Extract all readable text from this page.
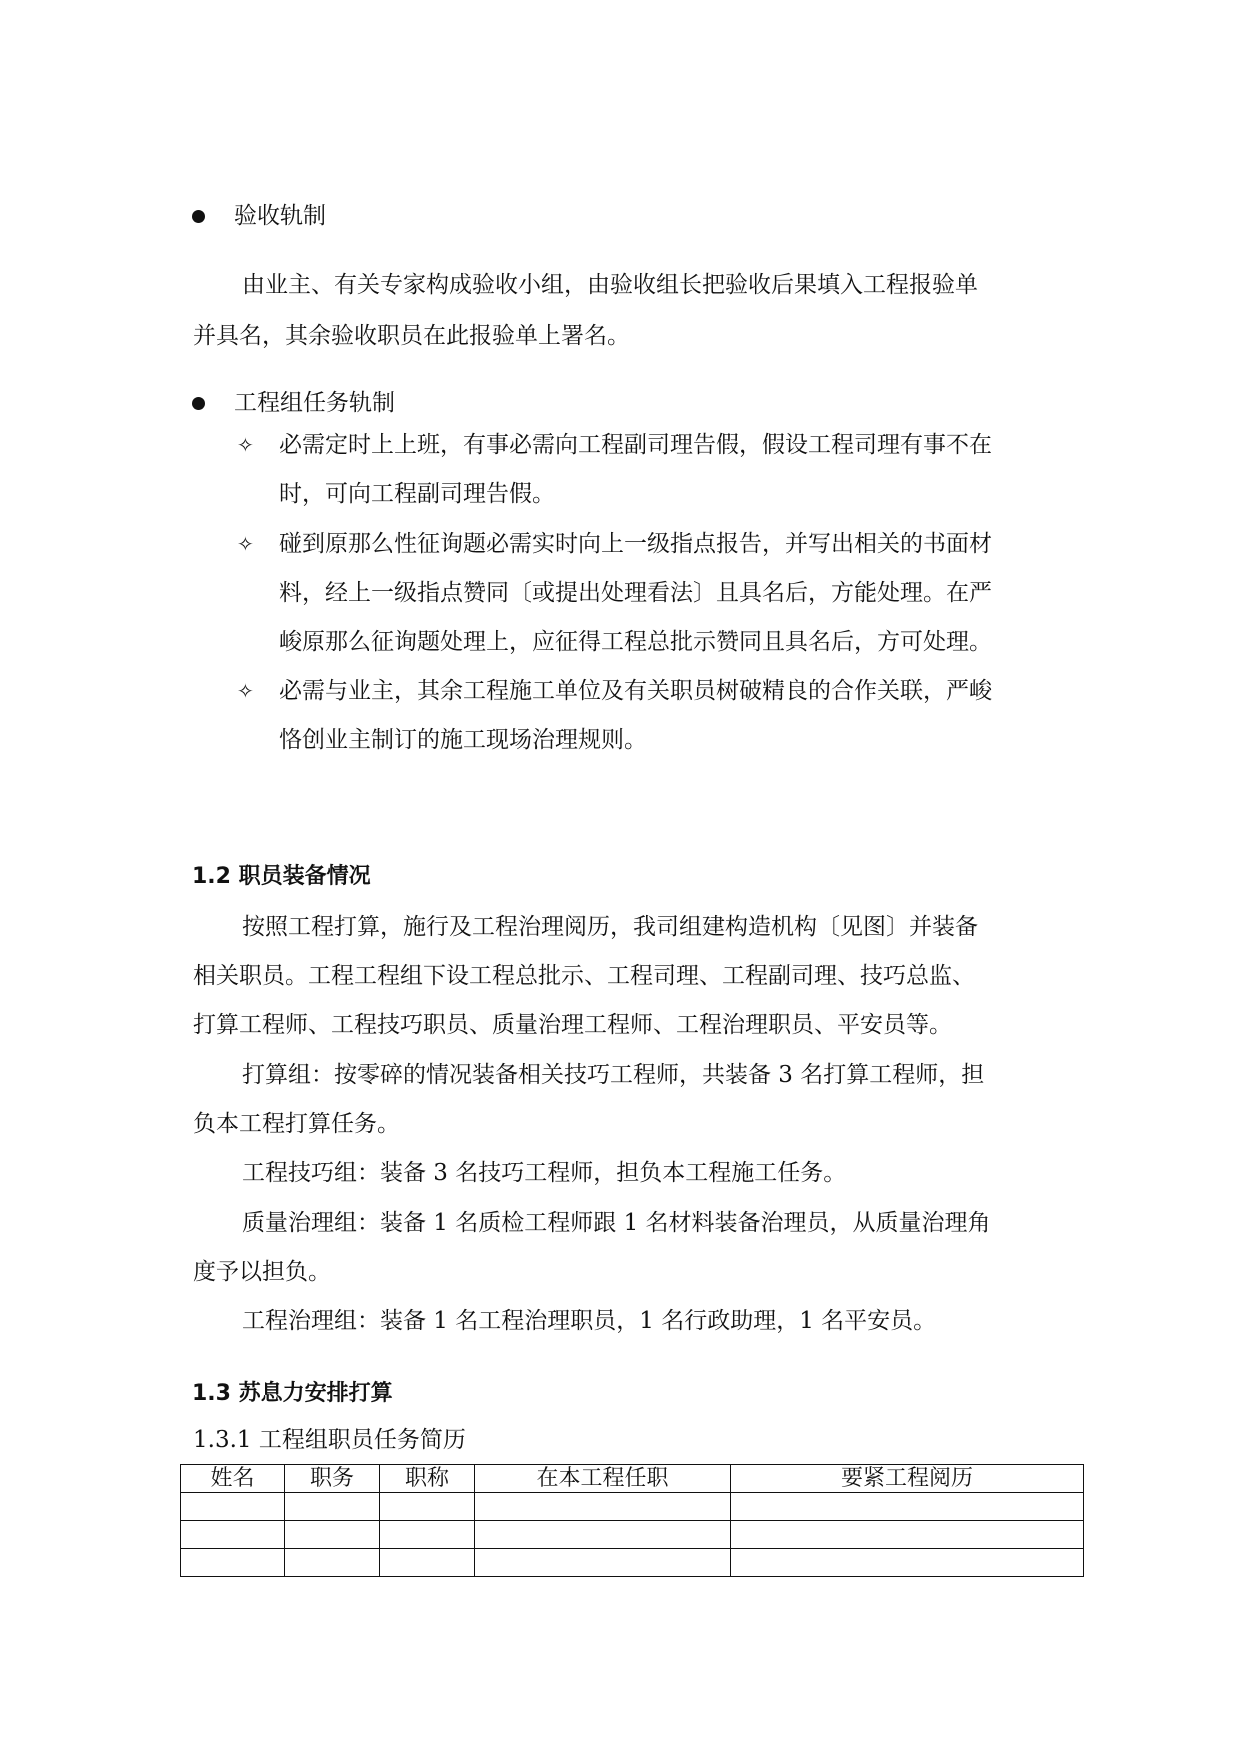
验收轨制
由业主、有关专家构成验收小组，由验收组长把验收后果填入工程报验单
并具名，其余验收职员在此报验单上署名。
工程组任务轨制
✧ 必需定时上上班，有事必需向工程副司理告假，假设工程司理有事不在
时，可向工程副司理告假。
✧ 碰到原那么性征询题必需实时向上一级指点报告，并写出相关的书面材
料，经上一级指点赞同〔或提出处理看法〕且具名后，方能处理。在严
峻原那么征询题处理上，应征得工程总批示赞同且具名后，方可处理。
✧ 必需与业主，其余工程施工单位及有关职员树破精良的合作关联，严峻
恪创业主制订的施工现场治理规则。
1.2 职员装备情况
按照工程打算，施行及工程治理阅历，我司组建构造机构〔见图〕并装备
相关职员。工程工程组下设工程总批示、工程司理、工程副司理、技巧总监、
打算工程师、工程技巧职员、质量治理工程师、工程治理职员、平安员等。
打算组：按零碎的情况装备相关技巧工程师，共装备 3 名打算工程师，担
负本工程打算任务。
工程技巧组：装备 3 名技巧工程师，担负本工程施工任务。
质量治理组：装备 1 名质检工程师跟 1 名材料装备治理员，从质量治理角
度予以担负。
工程治理组：装备 1 名工程治理职员，1 名行政助理，1 名平安员。
1.3 苏息力安排打算
1.3.1 工程组职员任务简历
姓名	职务	职称	在本工程任职	要紧工程阅历
